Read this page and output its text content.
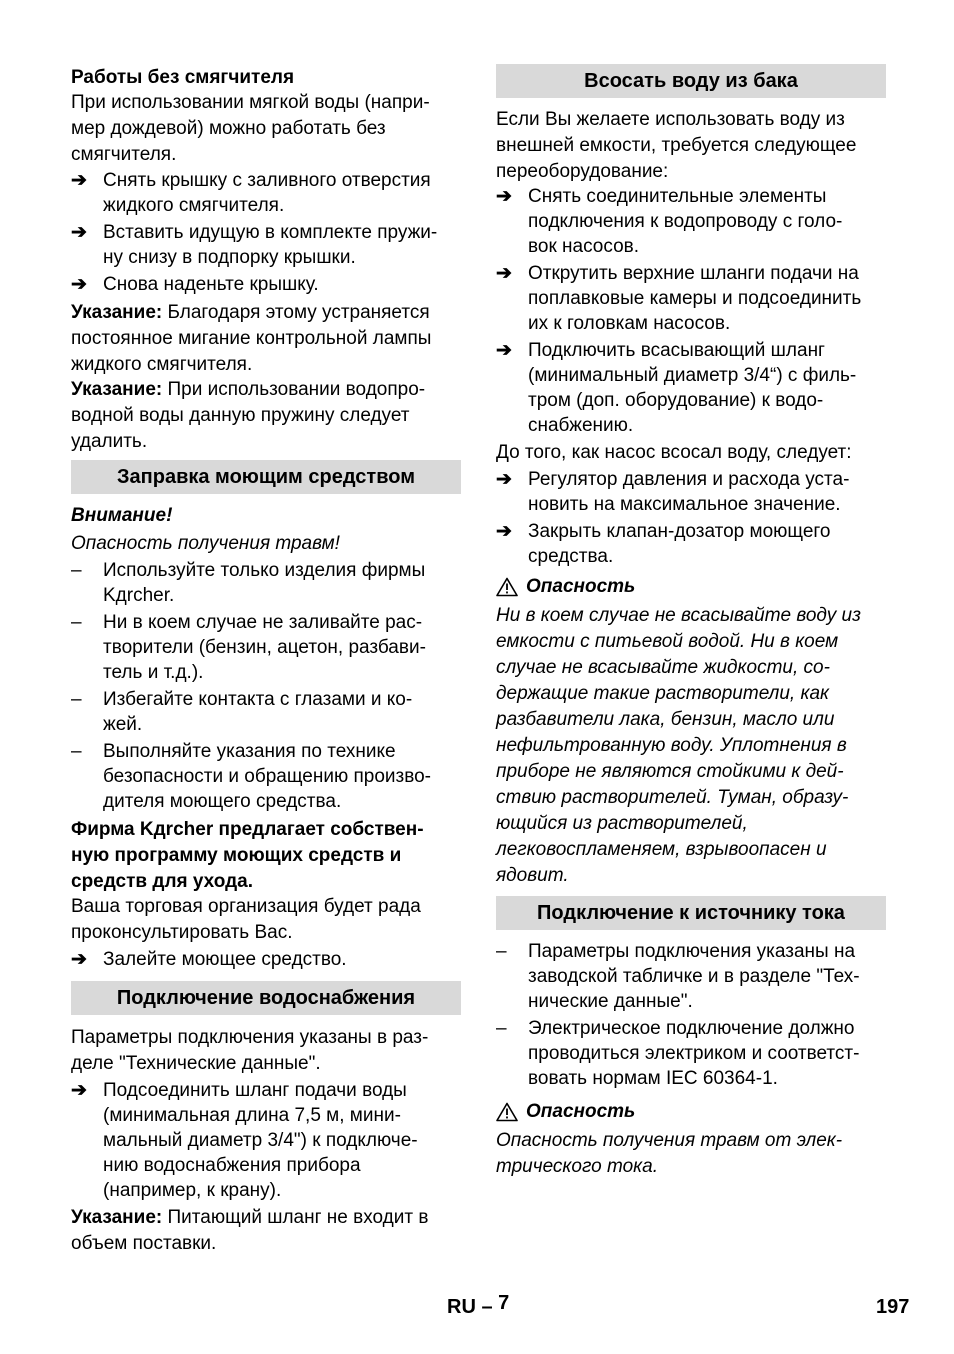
Работы без смягчителя

При использовании мягкой воды (напри-

мер дождевой) можно работать без

смягчителя.

➔ Снять крышку с заливного отверстия
жидкого смягчителя.
➔ Вставить идущую в комплекте пружи-
ну снизу в подпорку крышки.
➔ Снова наденьте крышку.

Указание: Благодаря этому устраняется

постоянное мигание контрольной лампы

жидкого смягчителя.

Указание: При использовании водопро-

водной воды данную пружину следует

удалить.

Заправка моющим средством

Внимание!

Опасность получения травм!

–	Используйте только изделия фирмы
Kдrcher.
–	Ни в коем случае не заливайте рас-
творители (бензин, ацетон, разбави-
тель и т.д.).
–	Избегайте контакта с глазами и ко-
жей.
–	Выполняйте указания по технике
безопасности и обращению произво-
дителя моющего средства.

Фирма Kдrcher предлагает собствен-

ную программу моющих средств и

средств для ухода.

Ваша торговая организация будет рада

проконсультировать Вас.

➔ Залейте моющее средство.
Подключение водоснабжения

Параметры подключения указаны в раз-

деле "Технические данные".

➔ Подсоединить шланг подачи воды
(минимальная длина 7,5 м, мини-
мальный диаметр 3/4") к подключе-
нию водоснабжения прибора
(например, к крану).

Указание: Питающий шланг не входит в

объем поставки.

Всосать воду из бака

Если Вы желаете использовать воду из

внешней емкости, требуется следующее

переоборудование:

➔ Снять соединительные элементы
подключения к водопроводу с голо-
вок насосов.
➔ Открутить верхние шланги подачи на
поплавковые камеры и подсоединить
их к головкам насосов.
➔ Подключить всасывающий шланг
(минимальный диаметр 3/4“) с филь-
тром (доп. оборудование) к водо-
снабжению.

До того, как насос всосал воду, следует:

➔ Регулятор давления и расхода уста-
новить на максимальное значение.
➔ Закрыть клапан-дозатор моющего
средства.
Опасность

Ни в коем случае не всасывайте воду из

емкости с питьевой водой. Ни в коем

случае не всасывайте жидкости, со-

держащие такие растворители, как

разбавители лака, бензин, масло или

нефильтрованную воду. Уплотнения в

приборе не являются стойкими к дей-

ствию растворителей. Туман, образу-

ющийся из растворителей,

легковоспламеняем, взрывоопасен и

ядовит.

Подключение к источнику тока
–	Параметры подключения указаны на
заводской табличке и в разделе "Тех-
нические данные".
–	Электрическое подключение должно
проводиться электриком и соответст-
вовать нормам IEC 60364-1.
Опасность

Опасность получения травм от элек-

трического тока.

RU – 7	197
